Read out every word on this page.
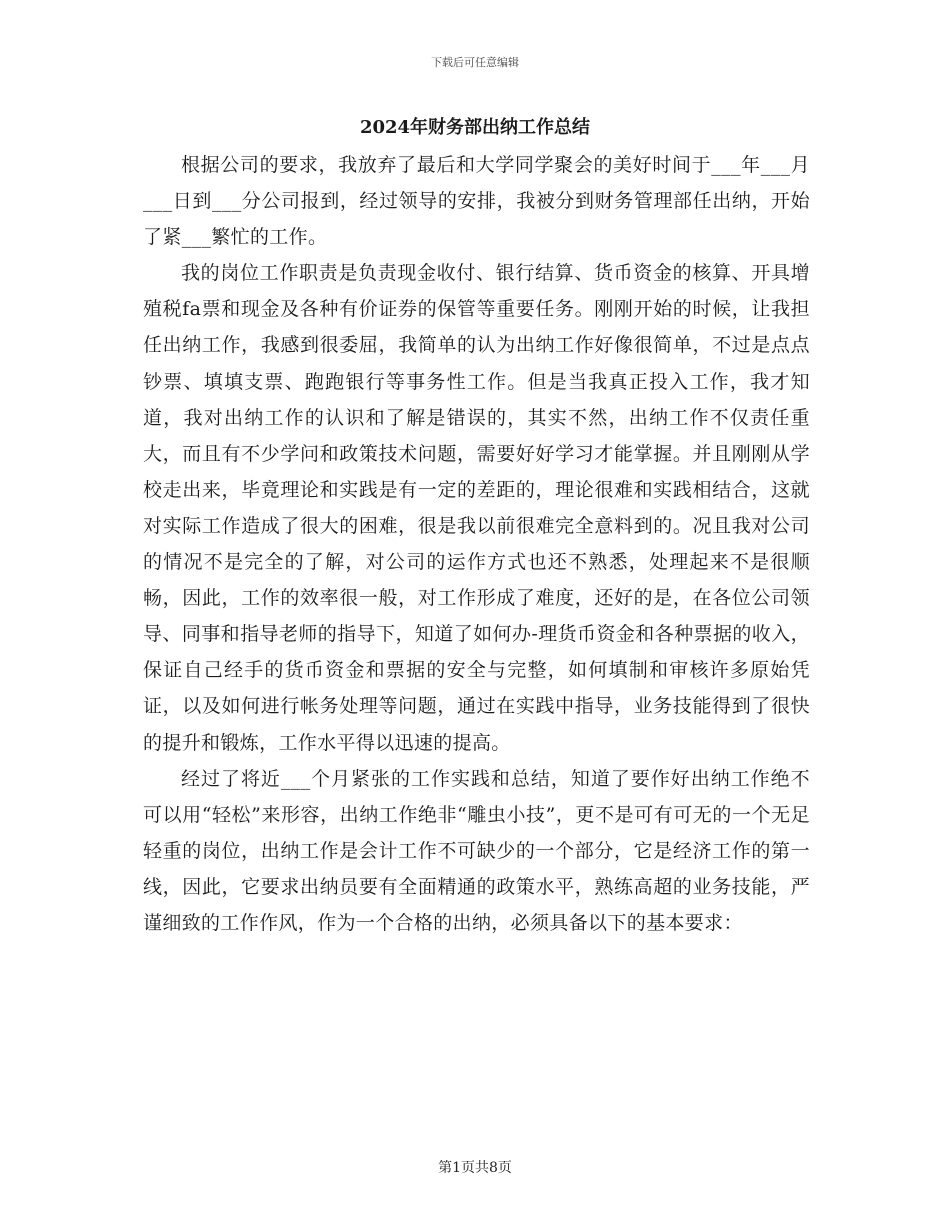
下载后可任意编辑
2024年财务部出纳工作总结

根据公司的要求，我放弃了最后和大学同学聚会的美好时间于___年___月___日到___分公司报到，经过领导的安排，我被分到财务管理部任出纳，开始了紧___繁忙的工作。

我的岗位工作职责是负责现金收付、银行结算、货币资金的核算、开具增殖税fa票和现金及各种有价证券的保管等重要任务。刚刚开始的时候，让我担任出纳工作，我感到很委屈，我简单的认为出纳工作好像很简单，不过是点点钞票、填填支票、跑跑银行等事务性工作。但是当我真正投入工作，我才知道，我对出纳工作的认识和了解是错误的，其实不然，出纳工作不仅责任重大，而且有不少学问和政策技术问题，需要好好学习才能掌握。并且刚刚从学校走出来，毕竟理论和实践是有一定的差距的，理论很难和实践相结合，这就对实际工作造成了很大的困难，很是我以前很难完全意料到的。况且我对公司的情况不是完全的了解，对公司的运作方式也还不熟悉，处理起来不是很顺畅，因此，工作的效率很一般，对工作形成了难度，还好的是，在各位公司领导、同事和指导老师的指导下，知道了如何办-理货币资金和各种票据的收入，保证自己经手的货币资金和票据的安全与完整，如何填制和审核许多原始凭证，以及如何进行帐务处理等问题，通过在实践中指导，业务技能得到了很快的提升和锻炼，工作水平得以迅速的提高。

经过了将近___个月紧张的工作实践和总结，知道了要作好出纳工作绝不可以用“轻松”来形容，出纳工作绝非“雕虫小技”，更不是可有可无的一个无足轻重的岗位，出纳工作是会计工作不可缺少的一个部分，它是经济工作的第一线，因此，它要求出纳员要有全面精通的政策水平，熟练高超的业务技能，严谨细致的工作作风，作为一个合格的出纳，必须具备以下的基本要求：

第1页共8页
